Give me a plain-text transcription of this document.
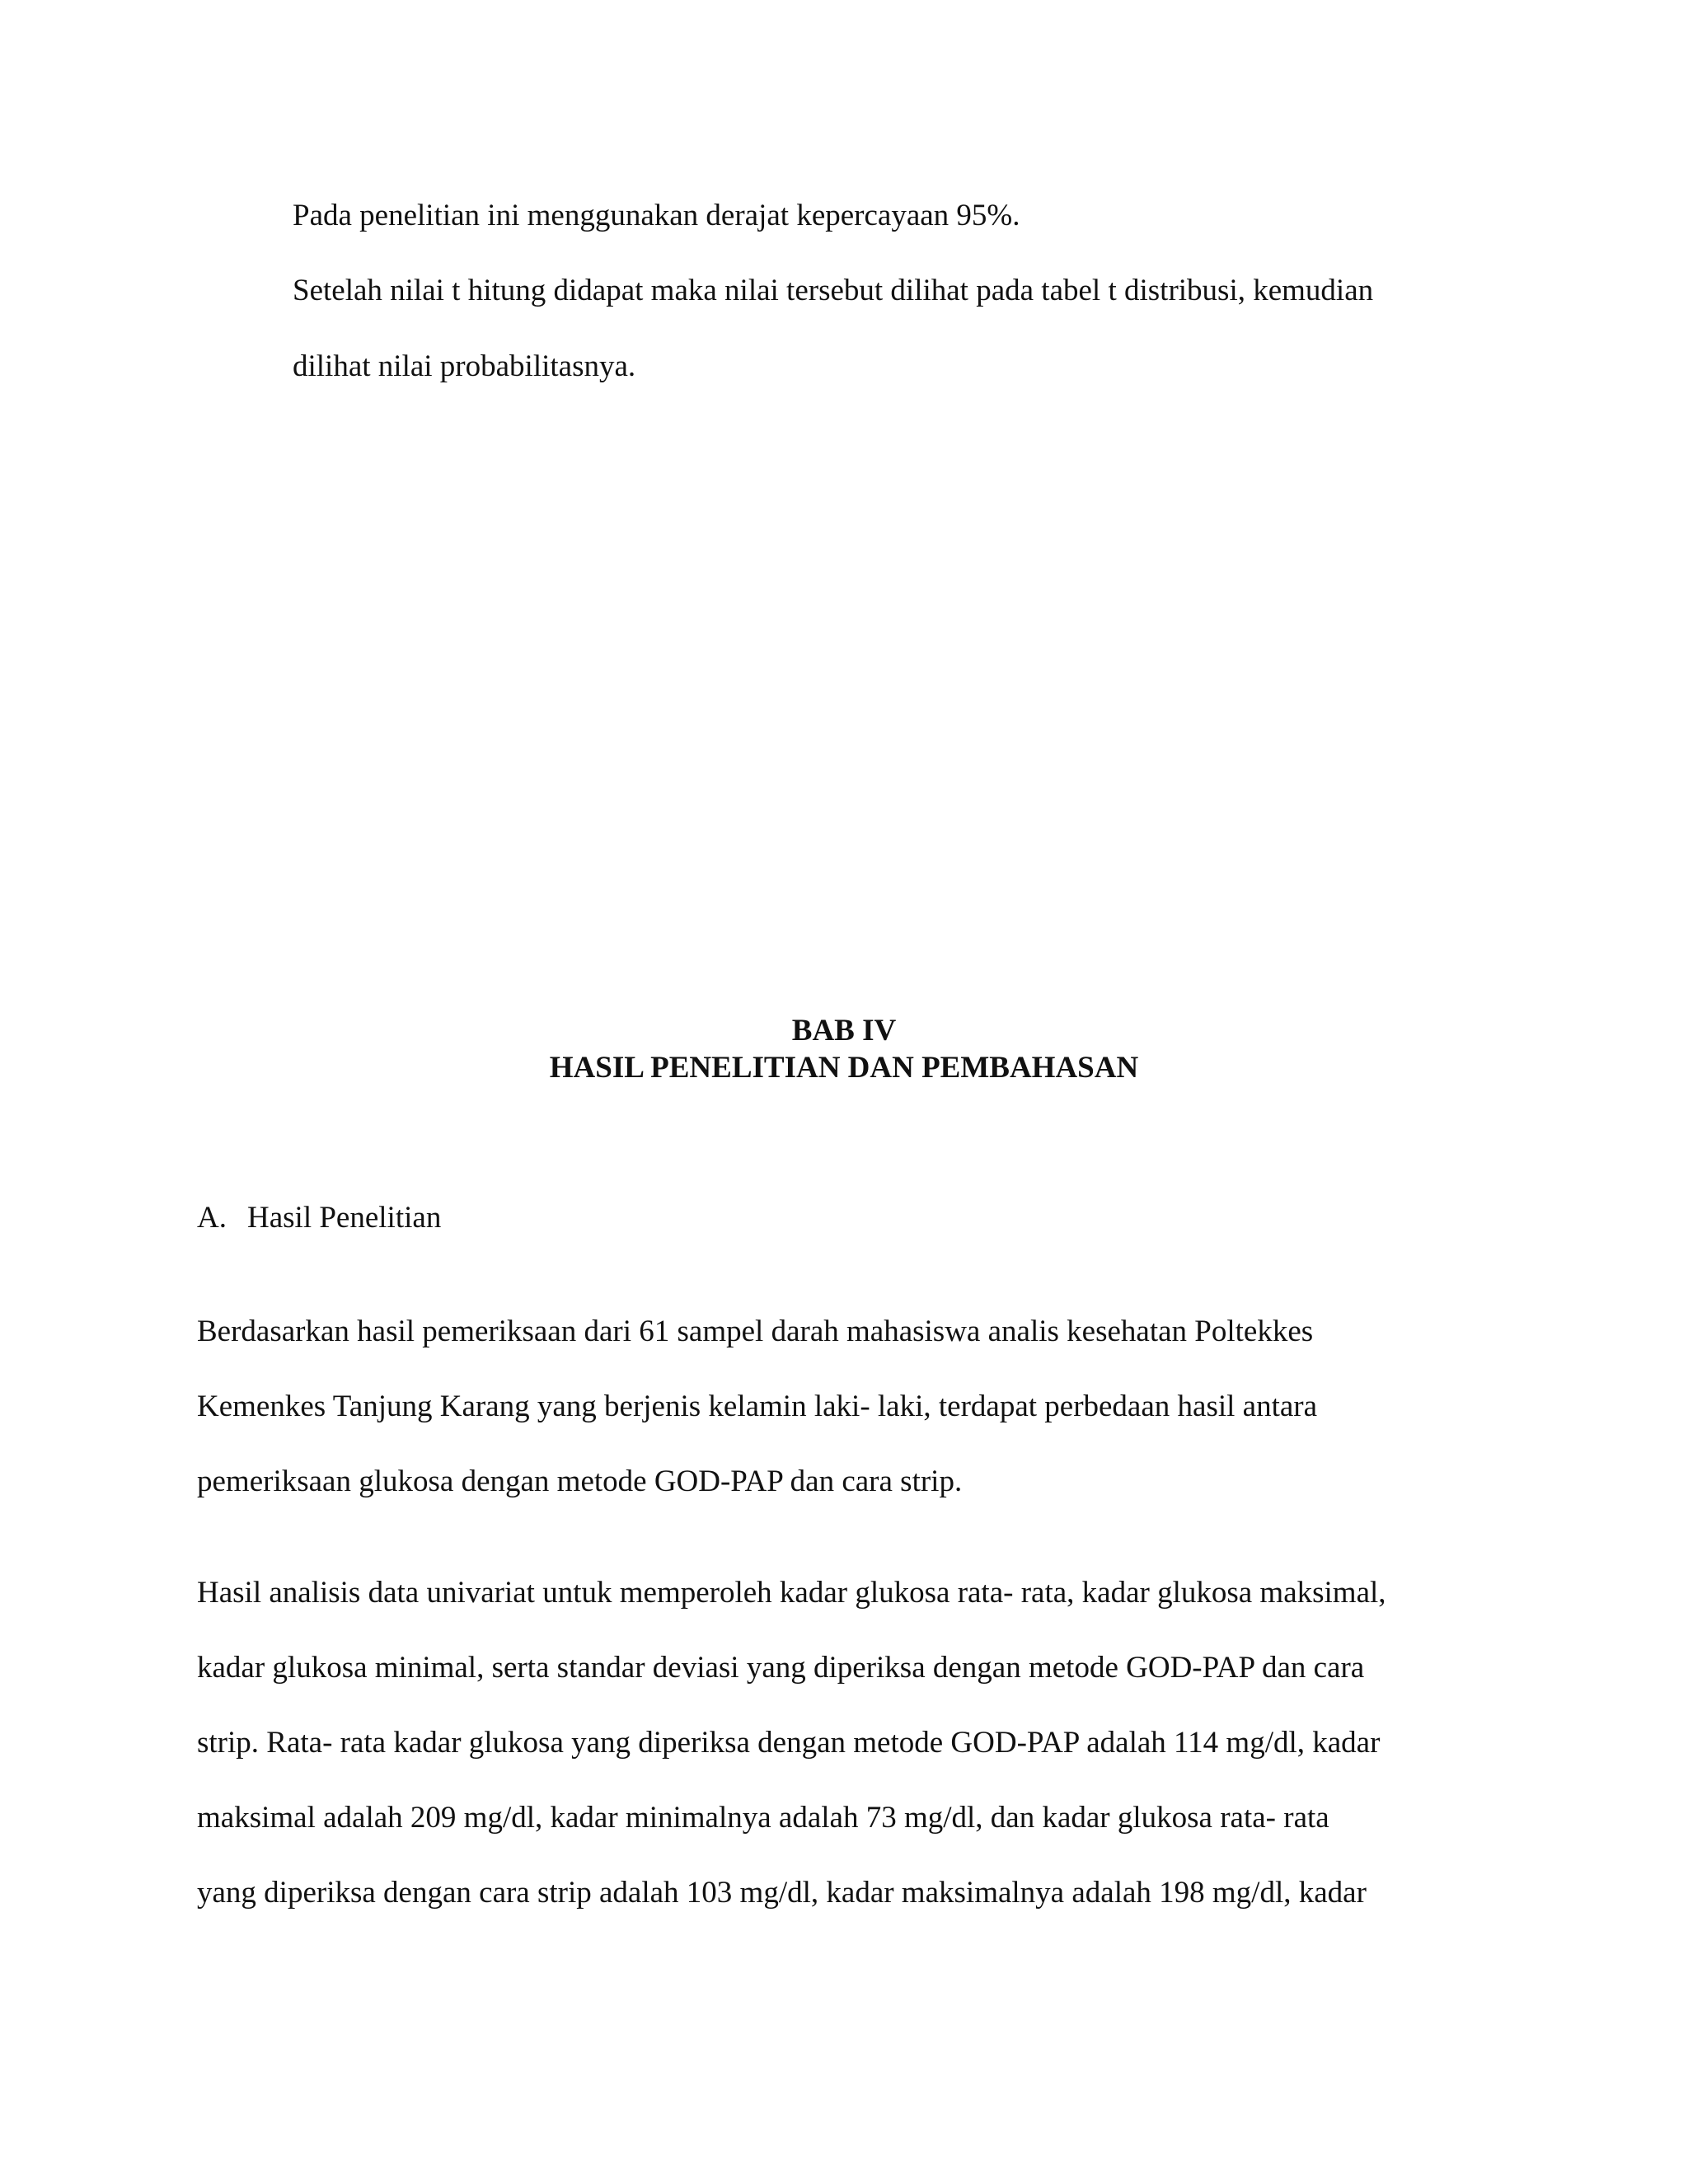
Pada penelitian ini menggunakan derajat kepercayaan 95%.
Setelah nilai t hitung didapat maka nilai tersebut dilihat pada tabel t distribusi, kemudian
dilihat nilai probabilitasnya.
BAB IV
HASIL PENELITIAN DAN PEMBAHASAN
A. Hasil Penelitian
Berdasarkan hasil pemeriksaan dari 61 sampel darah mahasiswa analis kesehatan Poltekkes
Kemenkes Tanjung Karang yang berjenis kelamin laki- laki, terdapat perbedaan hasil antara
pemeriksaan glukosa dengan metode GOD-PAP dan cara strip.
Hasil analisis data univariat untuk memperoleh kadar glukosa rata- rata, kadar glukosa maksimal,
kadar glukosa minimal, serta standar deviasi yang diperiksa dengan metode GOD-PAP dan cara
strip. Rata- rata kadar glukosa yang diperiksa dengan metode GOD-PAP adalah 114 mg/dl, kadar
maksimal adalah 209 mg/dl, kadar minimalnya adalah 73 mg/dl, dan kadar glukosa rata- rata
yang diperiksa dengan cara strip adalah 103 mg/dl, kadar maksimalnya adalah 198 mg/dl, kadar
